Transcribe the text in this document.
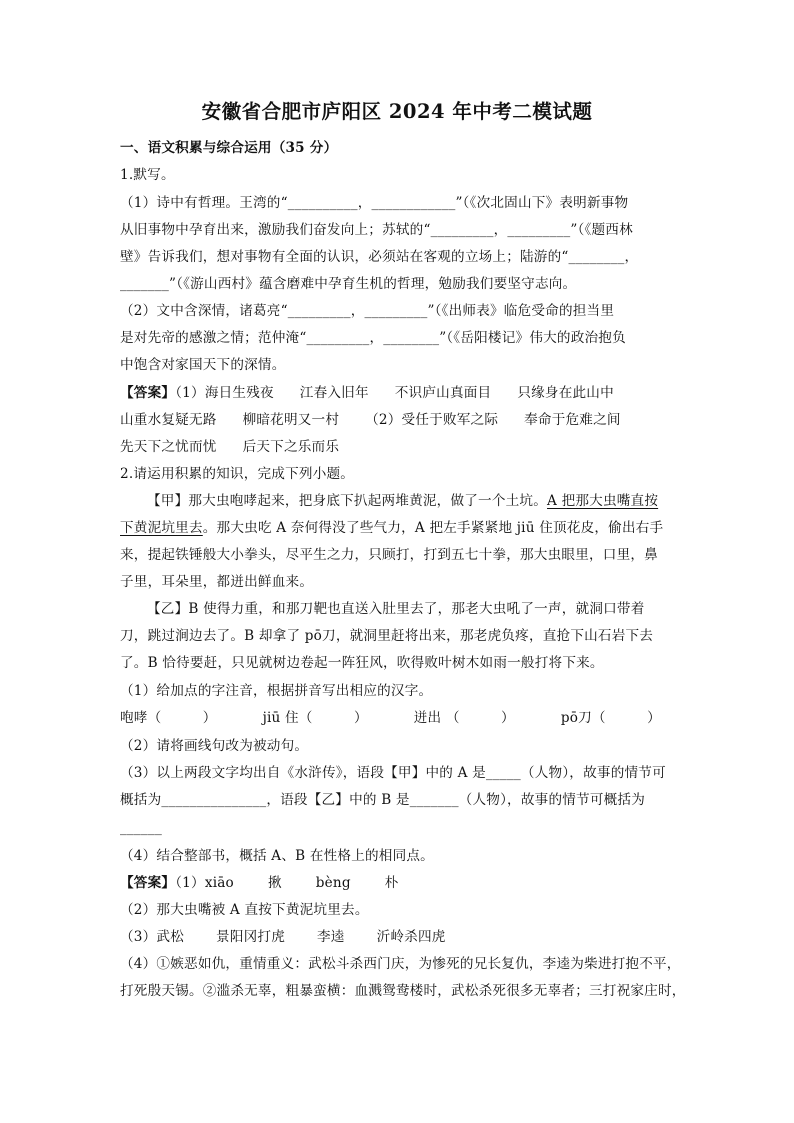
安徽省合肥市庐阳区 2024 年中考二模试题
一、语文积累与综合运用（35 分）
1.默写。
（1）诗中有哲理。王湾的“__________，____________”（《次北固山下》表明新事物
从旧事物中孕育出来，激励我们奋发向上；苏轼的“_________，_________”（《题西林
壁》告诉我们，想对事物有全面的认识，必须站在客观的立场上；陆游的“________，
_______”（《游山西村》蕴含磨难中孕育生机的哲理，勉励我们要坚守志向。
（2）文中含深情，诸葛亮“_________，_________”（《出师表》临危受命的担当里
是对先帝的感激之情；范仲淹“_________，________”（《岳阳楼记》伟大的政治抱负
中饱含对家国天下的深情。
【答案】（1）海日生残夜 江春入旧年 不识庐山真面目 只缘身在此山中
山重水复疑无路 柳暗花明又一村 （2）受任于败军之际 奉命于危难之间
先天下之忧而忧 后天下之乐而乐
2.请运用积累的知识，完成下列小题。
【甲】那大虫咆哮起来，把身底下扒起两堆黄泥，做了一个土坑。A 把那大虫嘴直按
下黄泥坑里去。那大虫吃 A 奈何得没了些气力，A 把左手紧紧地 jiū 住顶花皮，偷出右手
来，提起铁锤般大小拳头，尽平生之力，只顾打，打到五七十拳，那大虫眼里，口里，鼻
子里，耳朵里，都迸出鲜血来。
【乙】B 使得力重，和那刀靶也直送入肚里去了，那老大虫吼了一声，就洞口带着
刀，跳过涧边去了。B 却拿了 pō刀，就洞里赶将出来，那老虎负疼，直抢下山石岩下去
了。B 恰待要赶，只见就树边卷起一阵狂风，吹得败叶树木如雨一般打将下来。
（1）给加点的字注音，根据拼音写出相应的汉字。
咆哮（　　　）	jiū 住（　　　）	迸出 （　　　）	pō刀（　　　）
（2）请将画线句改为被动句。
（3）以上两段文字均出自《水浒传》，语段【甲】中的 A 是_____（人物），故事的情节可
概括为_______________，语段【乙】中的 B 是_______（人物），故事的情节可概括为
______
（4）结合整部书，概括 A、B 在性格上的相同点。
【答案】（1）xiāo	揪	bèng	朴
（2）那大虫嘴被 A 直按下黄泥坑里去。
（3）武松 景阳冈打虎 李逵 沂岭杀四虎
（4）①嫉恶如仇，重情重义：武松斗杀西门庆，为惨死的兄长复仇，李逵为柴进打抱不平，
打死殷天锡。②滥杀无辜，粗暴蛮横：血溅鸳鸯楼时，武松杀死很多无辜者；三打祝家庄时，
